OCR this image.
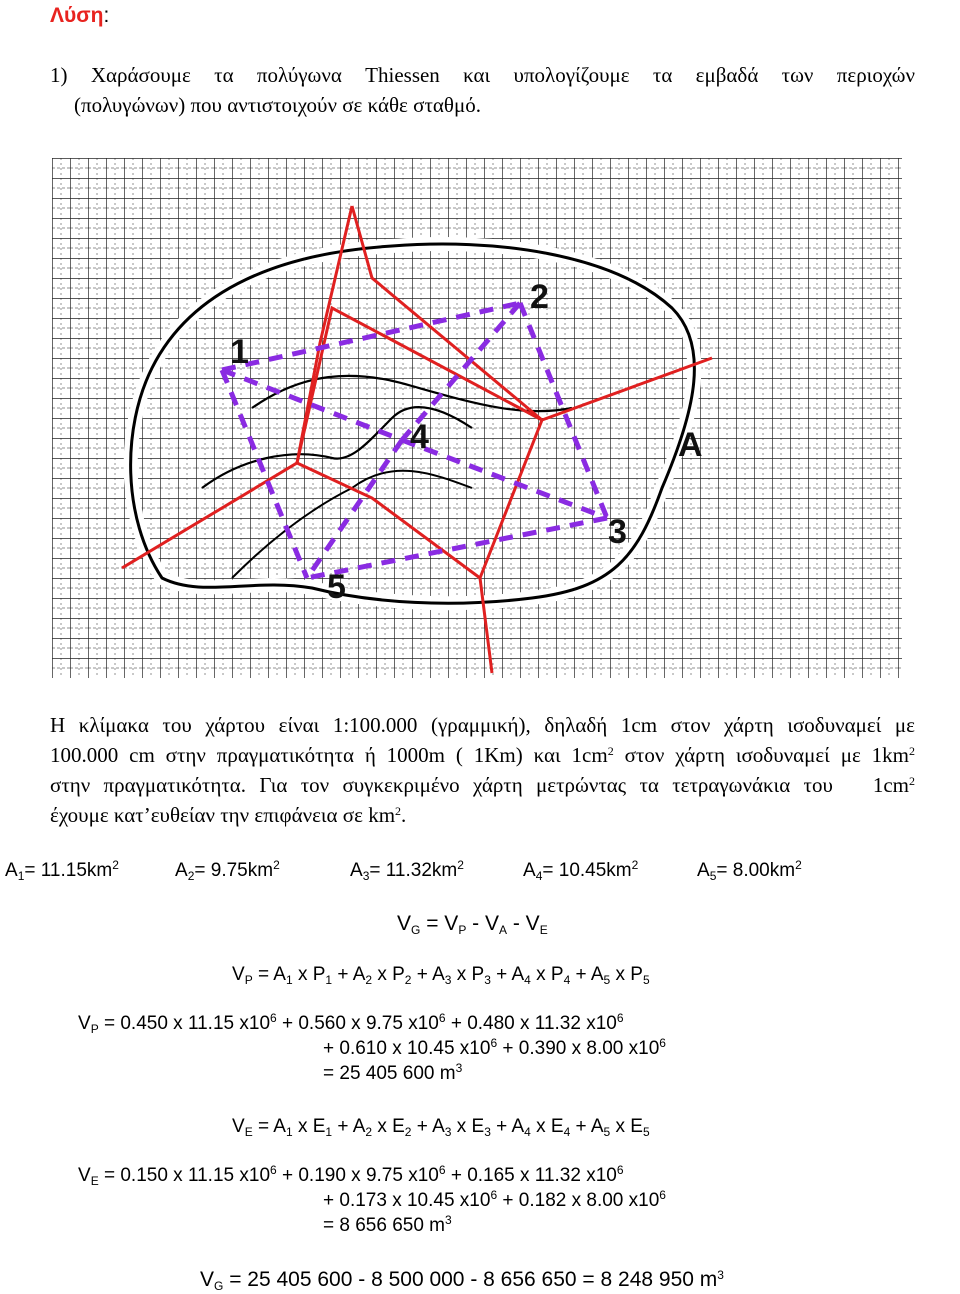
Λύση:
1) Χαράσουμε τα πολύγωνα Thiessen και υπολογίζουμε τα εμβαδά των περιοχών
(πολυγώνων) που αντιστοιχούν σε κάθε σταθμό.
1
2
3
4
5
A
Η κλίμακα του χάρτου είναι 1:100.000 (γραμμική), δηλαδή 1cm στον χάρτη ισοδυναμεί με
100.000 cm στην πραγματικότητα ή 1000m ( 1Km) και $1cm^2$ στον χάρτη ισοδυναμεί με $1km^2$
στην πραγματικότητα. Για τον συγκεκριμένο χάρτη μετρώντας τα τετραγωνάκια του $1cm^2$
έχουμε κατ’ευθείαν την επιφάνεια σε $km^2$.
$A_1= 11.15km^2$	$A_2= 9.75km^2$	$A_3= 11.32km^2$	$A_4= 10.45km^2$	$A_5= 8.00km^2$
$V_G = V_P - V_A - V_E$
$V_P = A_1$ x $P_1 + A_2$ x $P_2 + A_3$ x $P_3 + A_4$ x $P_4 + A_5$ x $P_5$
$V_P = 0.450$ x 11.15 $x10^6 + 0.560$ x 9.75 $x10^6 + 0.480$ x 11.32 $x10^6$
+ 0.610 x 10.45 $x10^6 + 0.390$ x 8.00 $x10^6$
= 25 405 600 $m^3$
$V_E = A_1$ x $E_1 + A_2$ x $E_2 + A_3$ x $E_3 + A_4$ x $E_4 + A_5$ x $E_5$
$V_E = 0.150$ x 11.15 $x10^6 + 0.190$ x 9.75 $x10^6 + 0.165$ x 11.32 $x10^6$
+ 0.173 x 10.45 $x10^6 + 0.182$ x 8.00 $x10^6$
= 8 656 650 $m^3$
$V_G = 25$ 405 600 - 8 500 000 - 8 656 650 = 8 248 950 $m^3$
